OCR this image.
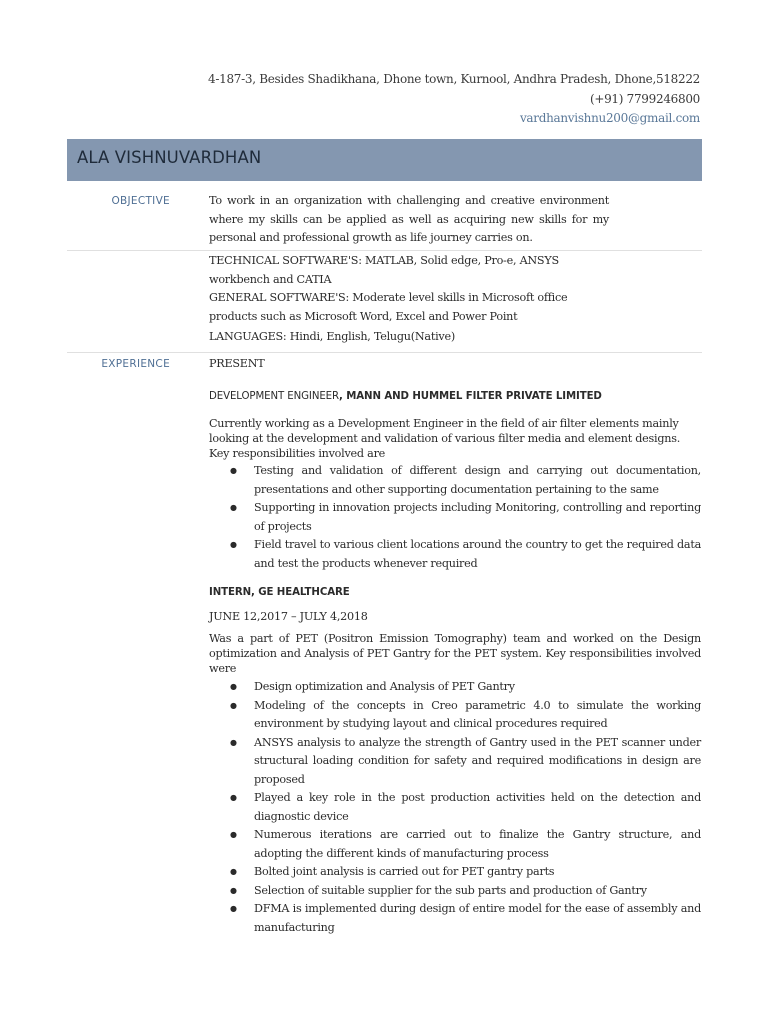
4-187-3, Besides Shadikhana, Dhone town, Kurnool, Andhra Pradesh, Dhone,518222
(+91) 7799246800
vardhanvishnu200@gmail.com
ALA VISHNUVARDHAN
OBJECTIVE	To work in an organization with challenging and creative environment where my skills can be applied as well as acquiring new skills for my personal and professional growth as life journey carries on.
TECHNICAL SOFTWARE'S: MATLAB, Solid edge, Pro-e, ANSYS workbench and CATIA
GENERAL SOFTWARE'S: Moderate level skills in Microsoft office products such as Microsoft Word, Excel and Power Point
LANGUAGES: Hindi, English, Telugu(Native)
EXPERIENCE	PRESENT
DEVELOPMENT ENGINEER, MANN AND HUMMEL FILTER PRIVATE LIMITED
Currently working as a Development Engineer in the field of air filter elements mainly looking at the development and validation of various filter media and element designs. Key responsibilities involved are
● Testing and validation of different design and carrying out documentation, presentations and other supporting documentation pertaining to the same
● Supporting in innovation projects including Monitoring, controlling and reporting of projects
● Field travel to various client locations around the country to get the required data and test the products whenever required
INTERN, GE HEALTHCARE
JUNE 12,2017 – JULY 4,2018
Was a part of PET (Positron Emission Tomography) team and worked on the Design optimization and Analysis of PET Gantry for the PET system. Key responsibilities involved were
● Design optimization and Analysis of PET Gantry
● Modeling of the concepts in Creo parametric 4.0 to simulate the working environment by studying layout and clinical procedures required
● ANSYS analysis to analyze the strength of Gantry used in the PET scanner under structural loading condition for safety and required modifications in design are proposed
● Played a key role in the post production activities held on the detection and diagnostic device
● Numerous iterations are carried out to finalize the Gantry structure, and adopting the different kinds of manufacturing process
● Bolted joint analysis is carried out for PET gantry parts
● Selection of suitable supplier for the sub parts and production of Gantry
● DFMA is implemented during design of entire model for the ease of assembly and manufacturing
